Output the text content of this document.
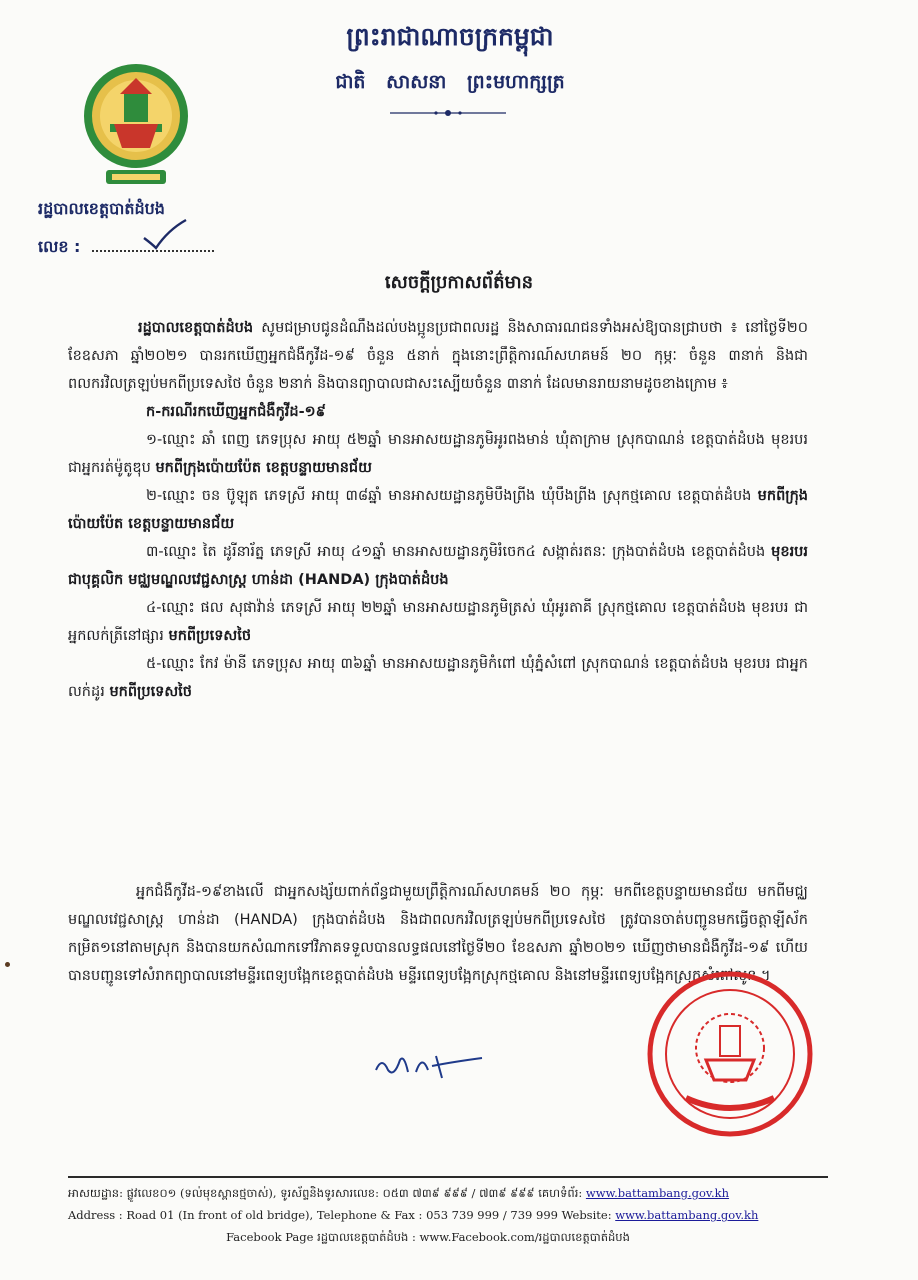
ព្រះរាជាណាចក្រកម្ពុជា
ជាតិ សាសនា ព្រះមហាក្សត្រ
រដ្ឋបាលខេត្តបាត់ដំបង
លេខ :
សេចក្ដីប្រកាសព័ត៌មាន

រដ្ឋបាលខេត្តបាត់ដំបង សូមជម្រាបជូនដំណឹងដល់បងប្អូនប្រជាពលរដ្ឋ និងសាធារណជនទាំងអស់ឱ្យបានជ្រាបថា ៖ នៅថ្ងៃទី២០ ខែឧសភា ឆ្នាំ២០២១ បានរកឃើញអ្នកជំងឺកូវីដ-១៩ ចំនួន ៥នាក់ ក្នុងនោះព្រឹត្តិការណ៍សហគមន៍ ២០ កុម្ភៈ ចំនួន ៣នាក់ និងជាពលករវិលត្រឡប់មកពីប្រទេសថៃ ចំនួន ២នាក់ និងបានព្យាបាលជាសះស្បើយចំនួន ៣នាក់ ដែលមានរាយនាមដូចខាងក្រោម ៖

ក-ករណីរកឃើញអ្នកជំងឺកូវីដ-១៩

១-ឈ្មោះ ឆាំ ពេញ ភេទប្រុស អាយុ ៥២ឆ្នាំ មានអាសយដ្ឋានភូមិអូរពងមាន់ ឃុំតាក្រាម ស្រុកបាណន់ ខេត្តបាត់ដំបង មុខរបរ ជាអ្នករត់ម៉ូតូឌុប មកពីក្រុងប៉ោយប៉ែត ខេត្តបន្ទាយមានជ័យ

២-ឈ្មោះ ចន ប៊ូឡុត ភេទស្រី អាយុ ៣៨ឆ្នាំ មានអាសយដ្ឋានភូមិបឹងព្រីង ឃុំបឹងព្រីង ស្រុកថ្មគោល ខេត្តបាត់ដំបង មកពីក្រុងប៉ោយប៉ែត ខេត្តបន្ទាយមានជ័យ

៣-ឈ្មោះ តៃ ដូរីនារ័ត្ន ភេទស្រី អាយុ ៤១ឆ្នាំ មានអាសយដ្ឋានភូមិរំចេក៤ សង្កាត់រតនៈ ក្រុងបាត់ដំបង ខេត្តបាត់ដំបង មុខរបរ ជាបុគ្គលិក មជ្ឈមណ្ឌលវេជ្ជសាស្ត្រ ហាន់ដា (HANDA) ក្រុងបាត់ដំបង

៤-ឈ្មោះ ផល សុផាវ៉ាន់ ភេទស្រី អាយុ ២២ឆ្នាំ មានអាសយដ្ឋានភូមិត្រស់ ឃុំអូរតាគី ស្រុកថ្មគោល ខេត្តបាត់ដំបង មុខរបរ ជាអ្នកលក់ត្រីនៅផ្សារ មកពីប្រទេសថៃ

៥-ឈ្មោះ កែវ ម៉ានី ភេទប្រុស អាយុ ៣៦ឆ្នាំ មានអាសយដ្ឋានភូមិកំពៅ ឃុំភ្នំសំពៅ ស្រុកបាណន់ ខេត្តបាត់ដំបង មុខរបរ ជាអ្នកលក់ដូរ មកពីប្រទេសថៃ

អ្នកជំងឺកូវីដ-១៩ខាងលើ ជាអ្នកសង្ស័យពាក់ព័ន្ធជាមួយព្រឹត្តិការណ៍សហគមន៍ ២០ កុម្ភៈ មកពីខេត្តបន្ទាយមានជ័យ មកពីមជ្ឈមណ្ឌលវេជ្ជសាស្ត្រ ហាន់ដា (HANDA) ក្រុងបាត់ដំបង និងជាពលករវិលត្រឡប់មកពីប្រទេសថៃ ត្រូវបានចាត់បញ្ជូនមកធ្វើចត្តាឡីស័កកម្រិត១នៅតាមស្រុក និងបានយកសំណាកទៅវិភាគទទួលបានលទ្ធផលនៅថ្ងៃទី២០ ខែឧសភា ឆ្នាំ២០២១ ឃើញថាមានជំងឺកូវីដ-១៩ ហើយបានបញ្ជូនទៅសំរាកព្យាបាលនៅមន្ទីរពេទ្យបង្អែកខេត្តបាត់ដំបង មន្ទីរពេទ្យបង្អែកស្រុកថ្មគោល និងនៅមន្ទីរពេទ្យបង្អែកស្រុកសំពៅលូន ។

អាសយដ្ឋាន: ផ្លូវលេខ០១ (ទល់មុខស្ពានថ្មចាស់), ទូរស័ព្ទនិងទូរសារលេខ: ០៥៣ ៧៣៩ ៩៩៩ / ៧៣៩ ៩៩៩ គេហទំព័រ: www.battambang.gov.kh
Address : Road 01 (In front of old bridge), Telephone & Fax : 053 739 999 / 739 999 Website: www.battambang.gov.kh
Facebook Page រដ្ឋបាលខេត្តបាត់ដំបង : www.Facebook.com/រដ្ឋបាលខេត្តបាត់ដំបង
